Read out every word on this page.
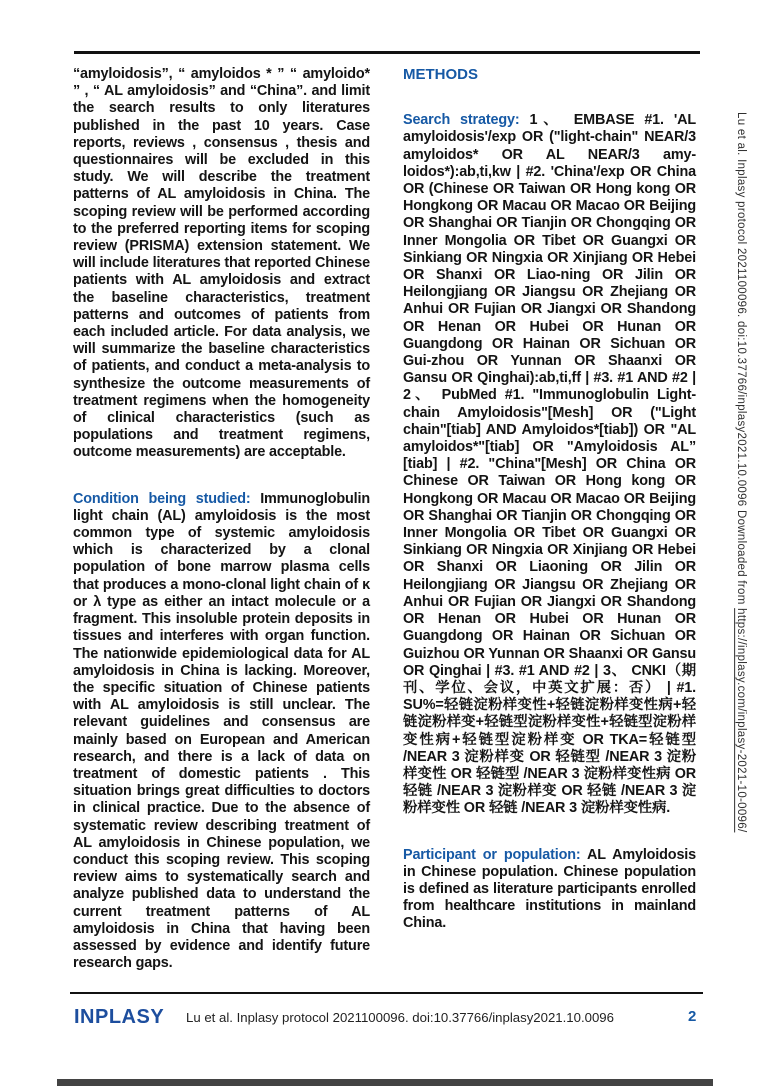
“amyloidosis”, “ amyloidos * ” “ amyloido* ” , “ AL amyloidosis” and “China”. and limit the search results to only literatures published in the past 10 years. Case reports, reviews , consensus , thesis and questionnaires will be excluded in this study. We will describe the treatment patterns of AL amyloidosis in China. The scoping review will be performed according to the preferred reporting items for scoping review (PRISMA) extension statement. We will include literatures that reported Chinese patients with AL amyloidosis and extract the baseline characteristics, treatment patterns and outcomes of patients from each included article. For data analysis, we will summarize the baseline characteristics of patients, and conduct a meta-analysis to synthesize the outcome measurements of treatment regimens when the homogeneity of clinical characteristics (such as populations and treatment regimens, outcome measurements) are acceptable.

Condition being studied: Immunoglobulin light chain (AL) amyloidosis is the most common type of systemic amyloidosis which is characterized by a clonal population of bone marrow plasma cells that produces a mono-clonal light chain of κ or λ type as either an intact molecule or a fragment. This insoluble protein deposits in tissues and interferes with organ function. The nationwide epidemiological data for AL amyloidosis in China is lacking. Moreover, the specific situation of Chinese patients with AL amyloidosis is still unclear. The relevant guidelines and consensus are mainly based on European and American research, and there is a lack of data on treatment of domestic patients . This situation brings great difficulties to doctors in clinical practice. Due to the absence of systematic review describing treatment of AL amyloidosis in Chinese population, we conduct this scoping review. This scoping review aims to systematically search and analyze published data to understand the current treatment patterns of AL amyloidosis in China that having been assessed by evidence and identify future research gaps.

METHODS

Search strategy: 1、 EMBASE #1. 'AL amyloidosis'/exp OR ("light-chain" NEAR/3 amyloidos* OR AL NEAR/3 amy-loidos*):ab,ti,kw | #2. 'China'/exp OR China OR (Chinese OR Taiwan OR Hong kong OR Hongkong OR Macau OR Macao OR Beijing OR Shanghai OR Tianjin OR Chongqing OR Inner Mongolia OR Tibet OR Guangxi OR Sinkiang OR Ningxia OR Xinjiang OR Hebei OR Shanxi OR Liao-ning OR Jilin OR Heilongjiang OR Jiangsu OR Zhejiang OR Anhui OR Fujian OR Jiangxi OR Shandong OR Henan OR Hubei OR Hunan OR Guangdong OR Hainan OR Sichuan OR Gui-zhou OR Yunnan OR Shaanxi OR Gansu OR Qinghai):ab,ti,ff | #3. #1 AND #2 | 2、 PubMed #1. "Immunoglobulin Light-chain Amyloidosis"[Mesh] OR ("Light chain"[tiab] AND Amyloidos*[tiab]) OR "AL amyloidos*"[tiab] OR "Amyloidosis AL” [tiab] | #2. "China"[Mesh] OR China OR Chinese OR Taiwan OR Hong kong OR Hongkong OR Macau OR Macao OR Beijing OR Shanghai OR Tianjin OR Chongqing OR Inner Mongolia OR Tibet OR Guangxi OR Sinkiang OR Ningxia OR Xinjiang OR Hebei OR Shanxi OR Liaoning OR Jilin OR Heilongjiang OR Jiangsu OR Zhejiang OR Anhui OR Fujian OR Jiangxi OR Shandong OR Henan OR Hubei OR Hunan OR Guangdong OR Hainan OR Sichuan OR Guizhou OR Yunnan OR Shaanxi OR Gansu OR Qinghai | #3. #1 AND #2 | 3、 CNKI（期刊、学位、会议，中英文扩展：否） | #1. SU%=轻链淀粉样变性+轻链淀粉样变性病+轻链淀粉样变+轻链型淀粉样变性+轻链型淀粉样变性病+轻链型淀粉样变 OR TKA=轻链型 /NEAR 3 淀粉样变 OR 轻链型 /NEAR 3 淀粉样变性 OR 轻链型 /NEAR 3 淀粉样变性病 OR 轻链 /NEAR 3 淀粉样变 OR 轻链 /NEAR 3 淀粉样变性 OR 轻链 /NEAR 3 淀粉样变性病.

Participant or population: AL Amyloidosis in Chinese population. Chinese population is defined as literature participants enrolled from healthcare institutions in mainland China.

Lu et al. Inplasy protocol 2021100096. doi:10.37766/inplasy2021.10.0096 Downloaded from https://inplasy.com/inplasy-2021-10-0096/
INPLASY Lu et al. Inplasy protocol 2021100096. doi:10.37766/inplasy2021.10.0096	2
